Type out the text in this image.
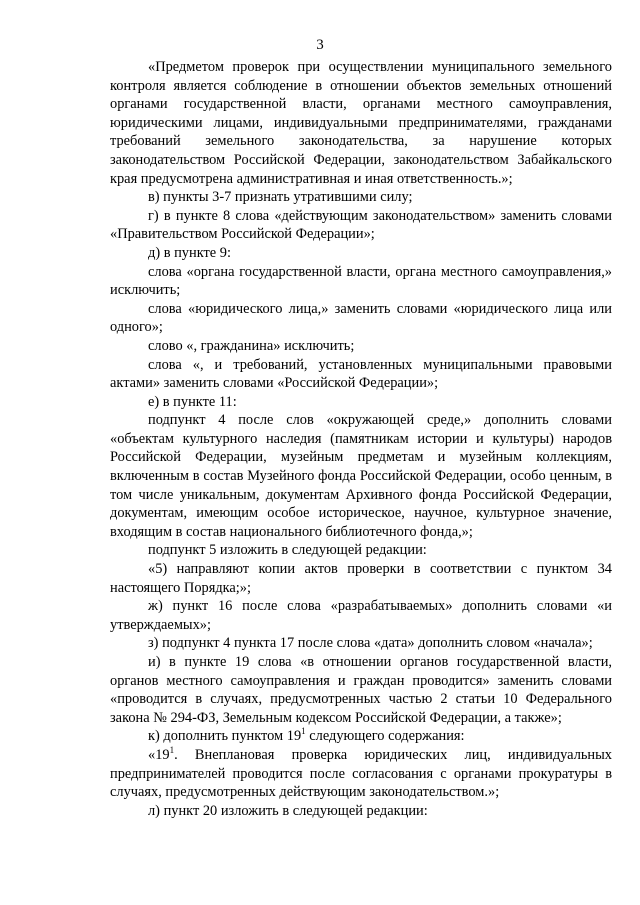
3

«Предметом проверок при осуществлении муниципального земельного контроля является соблюдение в отношении объектов земельных отношений органами государственной власти, органами местного самоуправления, юридическими лицами, индивидуальными предпринимателями, гражданами требований земельного законодательства, за нарушение которых законодательством Российской Федерации, законодательством Забайкальского края предусмотрена административная и иная ответственность.»;

в) пункты 3-7 признать утратившими силу;

г) в пункте 8 слова «действующим законодательством» заменить словами «Правительством Российской Федерации»;

д) в пункте 9:

слова «органа государственной власти, органа местного самоуправления,» исключить;

слова «юридического лица,» заменить словами «юридического лица или одного»;

слово «, гражданина» исключить;

слова «, и требований, установленных муниципальными правовыми актами» заменить словами «Российской Федерации»;

е) в пункте 11:

подпункт 4 после слов «окружающей среде,» дополнить словами «объектам культурного наследия (памятникам истории и культуры) народов Российской Федерации, музейным предметам и музейным коллекциям, включенным в состав Музейного фонда Российской Федерации, особо ценным, в том числе уникальным, документам Архивного фонда Российской Федерации, документам, имеющим особое историческое, научное, культурное значение, входящим в состав национального библиотечного фонда,»;

подпункт 5 изложить в следующей редакции:

«5) направляют копии актов проверки в соответствии с пунктом 34 настоящего Порядка;»;

ж) пункт 16 после слова «разрабатываемых» дополнить словами «и утверждаемых»;

з) подпункт 4 пункта 17 после слова «дата» дополнить словом «начала»;

и) в пункте 19 слова «в отношении органов государственной власти, органов местного самоуправления и граждан проводится» заменить словами «проводится в случаях, предусмотренных частью 2 статьи 10 Федерального закона № 294-ФЗ, Земельным кодексом Российской Федерации, а также»;

к) дополнить пунктом $19^1$ следующего содержания:

«$19^1$. Внеплановая проверка юридических лиц, индивидуальных предпринимателей проводится после согласования с органами прокуратуры в случаях, предусмотренных действующим законодательством.»;

л) пункт 20 изложить в следующей редакции:
